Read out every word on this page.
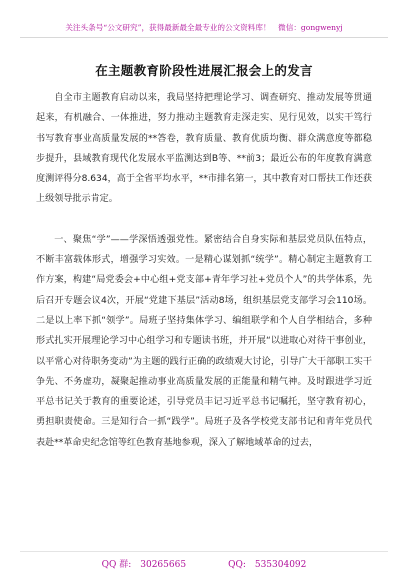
关注头条号“公文研究”，获得最新最全最专业的公文资料库！　微信：gongwenyj
在主题教育阶段性进展汇报会上的发言

自全市主题教育启动以来，我局坚持把理论学习、调查研究、推动发展等贯通起来，有机融合、一体推进，努力推动主题教育走深走实、见行见效，以实干笃行书写教育事业高质量发展的**答卷，教育质量、教育优质均衡、群众满意度等都稳步提升，县域教育现代化发展水平监测达到B等、**前3；最近公布的年度教育满意度测评得分8.634，高于全省平均水平，**市排名第一，其中教育对口帮扶工作还获上级领导批示肯定。

一、聚焦“学”——学深悟透强党性。紧密结合自身实际和基层党员队伍特点，不断丰富载体形式，增强学习实效。一是精心谋划抓“统学”。精心制定主题教育工作方案，构建“局党委会+中心组+党支部+青年学习社+党员个人”的共学体系，先后召开专题会议4次，开展“党建下基层”活动8场，组织基层党支部学习会110场。二是以上率下抓“领学”。局班子坚持集体学习、编组联学和个人自学相结合，多种形式扎实开展理论学习中心组学习和专题读书班，并开展“以进取心对待干事创业，以平常心对待职务变动”为主题的践行正确的政绩观大讨论，引导广大干部职工实干争先、不务虚功，凝聚起推动事业高质量发展的正能量和精气神。及时跟进学习近平总书记关于教育的重要论述，引导党员丰记习近平总书记嘱托，坚守教育初心，勇担职责使命。三是知行合一抓“践学”。局班子及各学校党支部书记和青年党员代表赴**革命史纪念馆等红色教育基地参观，深入了解地域革命的过去，

QQ 群:　30265665	QQ:　535304092
